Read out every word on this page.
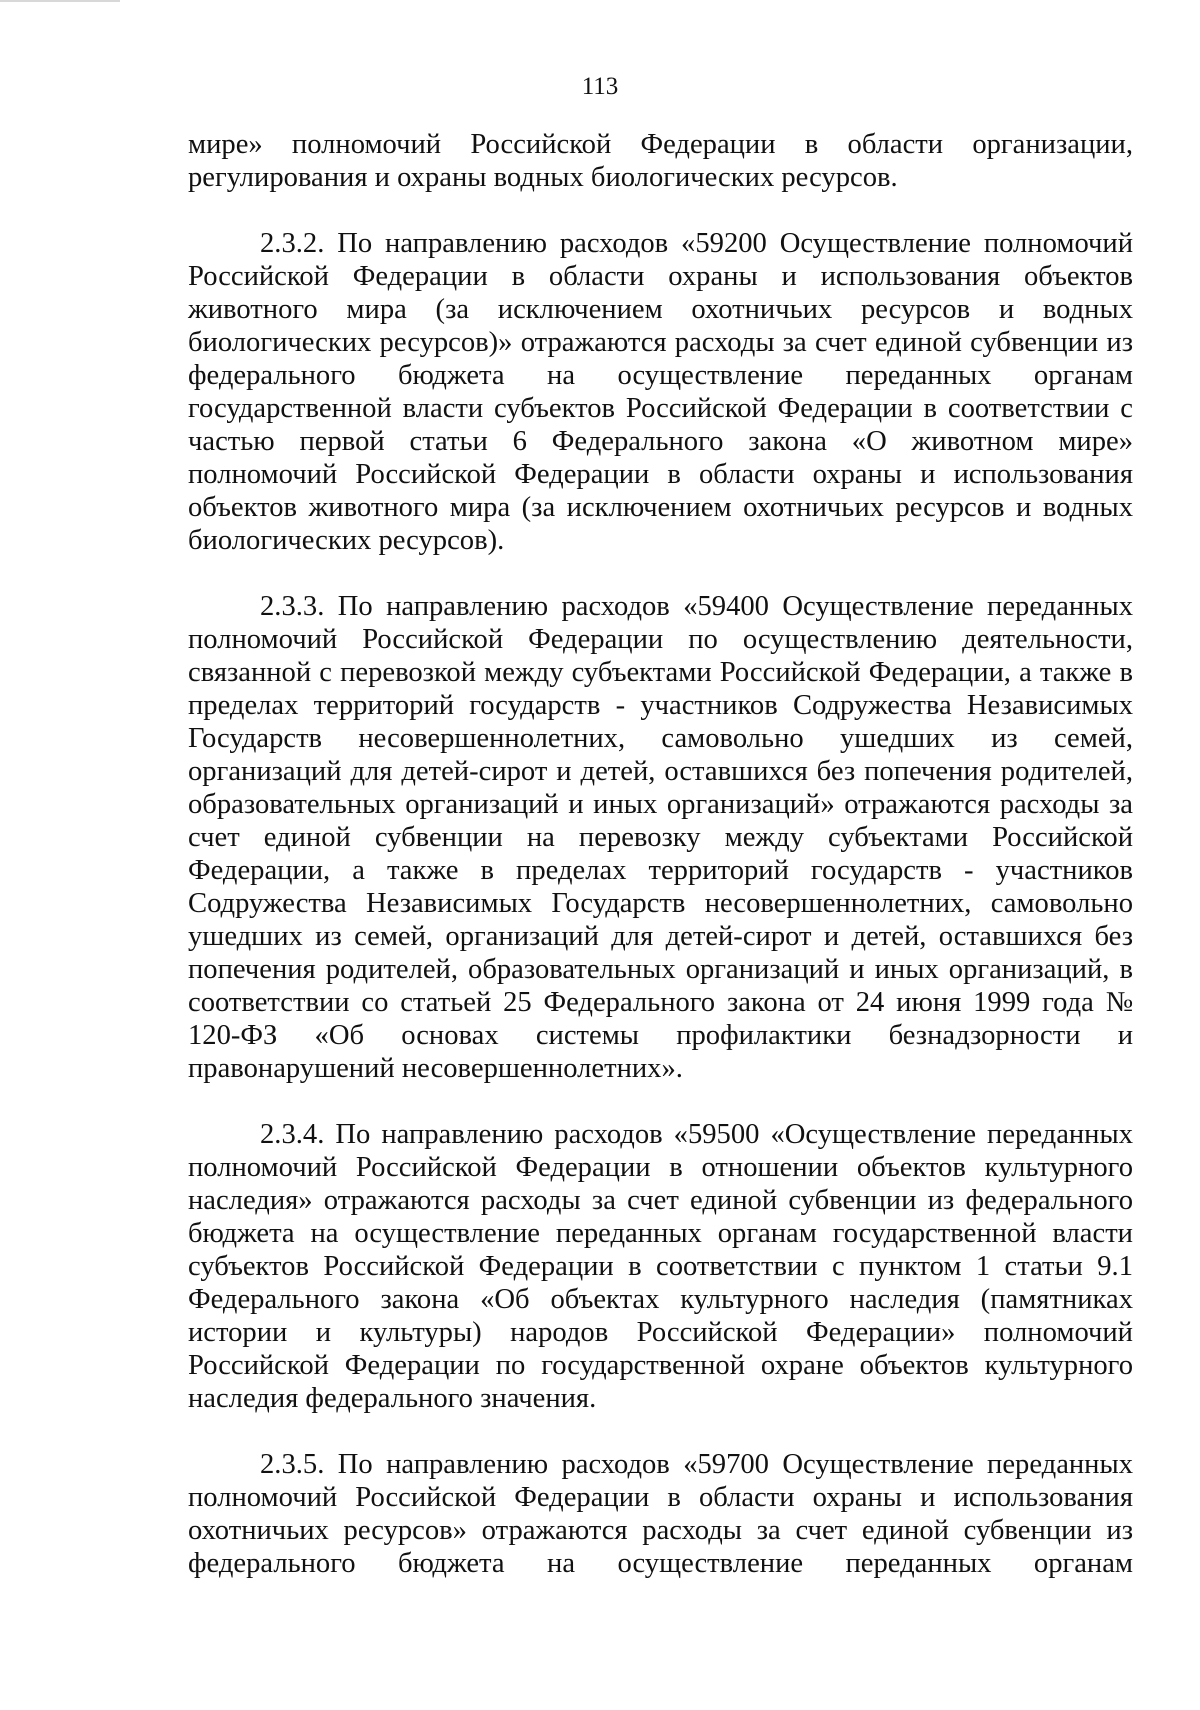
113

мире» полномочий Российской Федерации в области организации, регулирования и охраны водных биологических ресурсов.

2.3.2. По направлению расходов «59200 Осуществление полномочий Российской Федерации в области охраны и использования объектов животного мира (за исключением охотничьих ресурсов и водных биологических ресурсов)» отражаются расходы за счет единой субвенции из федерального бюджета на осуществление переданных органам государственной власти субъектов Российской Федерации в соответствии с частью первой статьи 6 Федерального закона «О животном мире» полномочий Российской Федерации в области охраны и использования объектов животного мира (за исключением охотничьих ресурсов и водных биологических ресурсов).

2.3.3. По направлению расходов «59400 Осуществление переданных полномочий Российской Федерации по осуществлению деятельности, связанной с перевозкой между субъектами Российской Федерации, а также в пределах территорий государств - участников Содружества Независимых Государств несовершеннолетних, самовольно ушедших из семей, организаций для детей-сирот и детей, оставшихся без попечения родителей, образовательных организаций и иных организаций» отражаются расходы за счет единой субвенции на перевозку между субъектами Российской Федерации, а также в пределах территорий государств - участников Содружества Независимых Государств несовершеннолетних, самовольно ушедших из семей, организаций для детей-сирот и детей, оставшихся без попечения родителей, образовательных организаций и иных организаций, в соответствии со статьей 25 Федерального закона от 24 июня 1999 года № 120-ФЗ «Об основах системы профилактики безнадзорности и правонарушений несовершеннолетних».

2.3.4. По направлению расходов «59500 «Осуществление переданных полномочий Российской Федерации в отношении объектов культурного наследия» отражаются расходы за счет единой субвенции из федерального бюджета на осуществление переданных органам государственной власти субъектов Российской Федерации в соответствии с пунктом 1 статьи 9.1 Федерального закона «Об объектах культурного наследия (памятниках истории и культуры) народов Российской Федерации» полномочий Российской Федерации по государственной охране объектов культурного наследия федерального значения.

2.3.5. По направлению расходов «59700 Осуществление переданных полномочий Российской Федерации в области охраны и использования охотничьих ресурсов» отражаются расходы за счет единой субвенции из федерального бюджета на осуществление переданных органам
